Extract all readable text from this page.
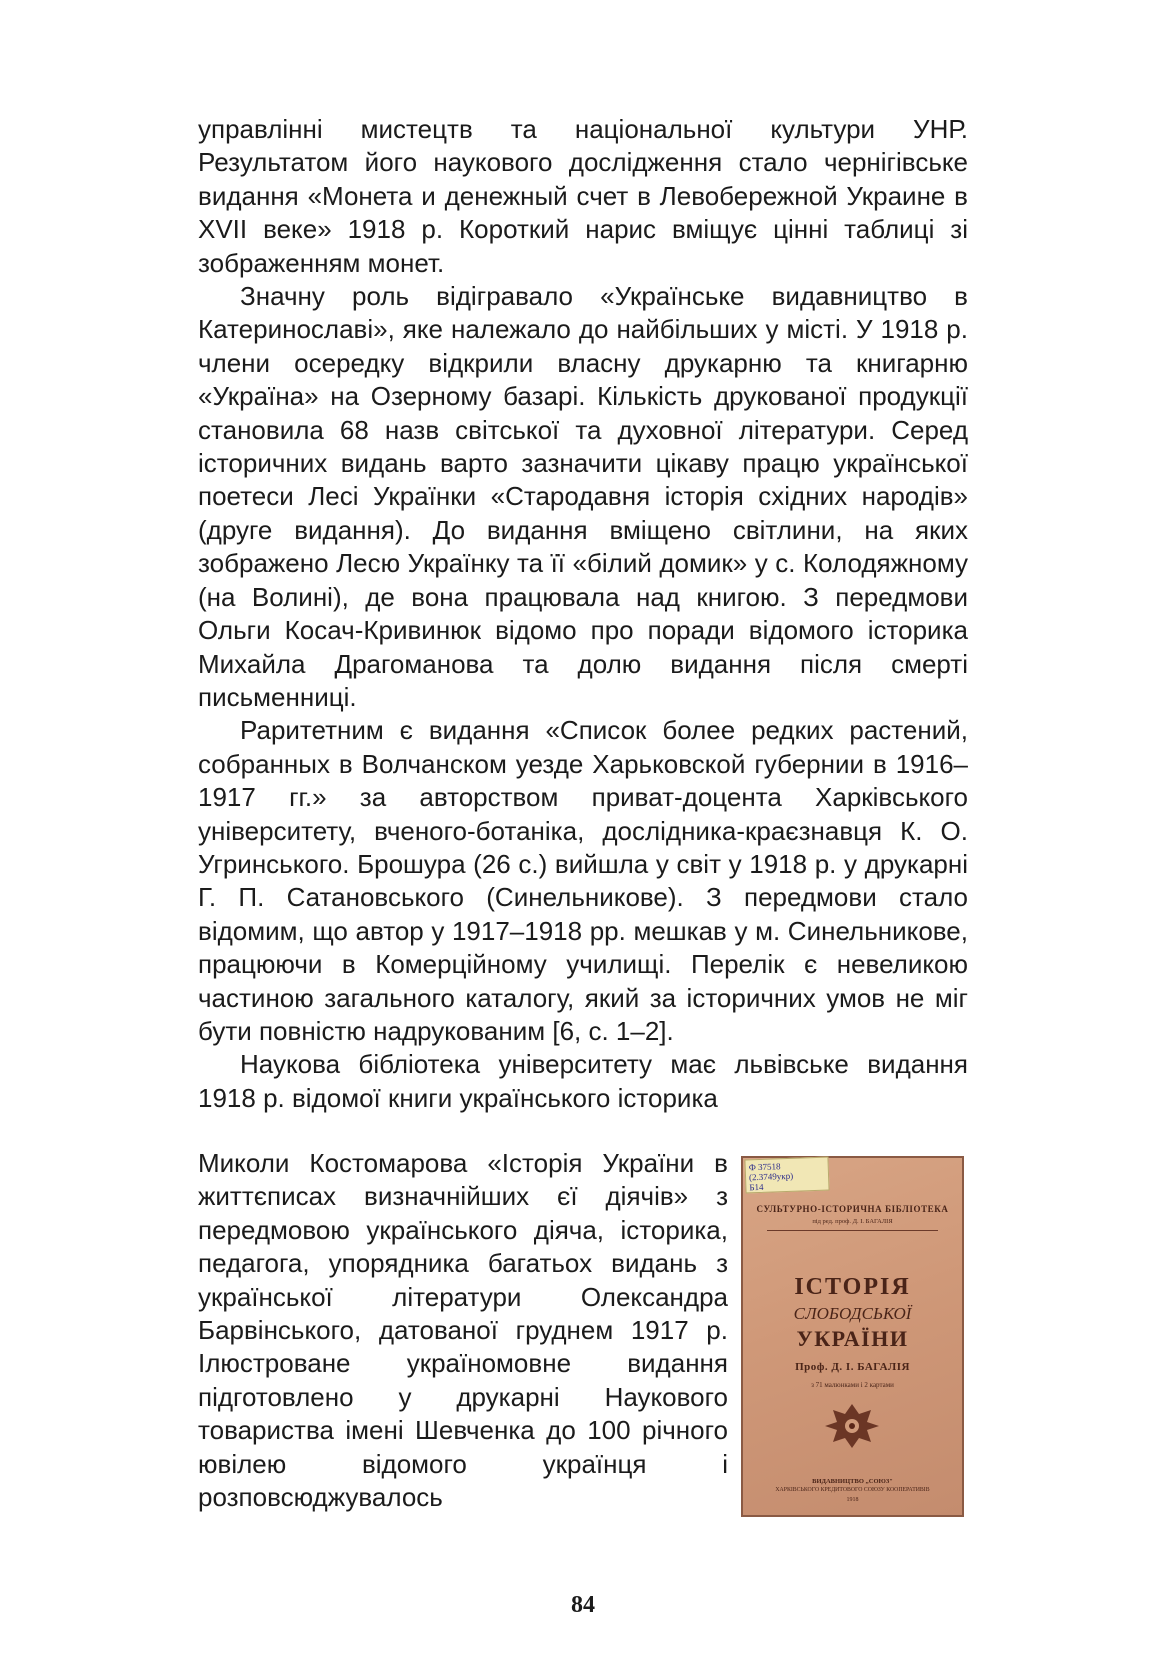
управлінні мистецтв та національної культури УНР. Результатом його наукового дослідження стало чернігівське видання «Монета и денежный счет в Левобережной Украине в XVII веке» 1918 р. Короткий нарис вміщує цінні таблиці зі зображенням монет.

Значну роль відігравало «Українське видавництво в Катеринославі», яке належало до найбільших у місті. У 1918 р. члени осередку відкрили власну друкарню та книгарню «Україна» на Озерному базарі. Кількість друкованої продукції становила 68 назв світської та духовної літератури. Серед історичних видань варто зазначити цікаву працю української поетеси Лесі Українки «Стародавня історія східних народів» (друге видання). До видання вміщено світлини, на яких зображено Лесю Українку та її «білий домик» у с. Колодяжному (на Волині), де вона працювала над книгою. З передмови Ольги Косач-Кривинюк відомо про поради відомого історика Михайла Драгоманова та долю видання після смерті письменниці.

Раритетним є видання «Список более редких растений, собранных в Волчанском уезде Харьковской губернии в 1916–1917 гг.» за авторством приват-доцента Харківського університету, вченого-ботаніка, дослідника-краєзнавця К. О. Угринського. Брошура (26 с.) вийшла у світ у 1918 р. у друкарні Г. П. Сатановського (Синельникове). З передмови стало відомим, що автор у 1917–1918 рр. мешкав у м. Синельникове, працюючи в Комерційному училищі. Перелік є невеликою частиною загального каталогу, який за історичних умов не міг бути повністю надрукованим [6, с. 1–2].

Наукова бібліотека університету має львівське видання 1918 р. відомої книги українського історика

Миколи Костомарова «Історія України в життєписах визначнійших єї діячів» з передмовою українського діяча, історика, педагога, упорядника багатьох видань з української літератури Олександра Барвінського, датованої груднем 1917 р. Ілюстроване україномовне видання підготовлено у друкарні Наукового товариства імені Шевченка до 100 річного ювілею відомого українця і розповсюджувалось

Ф 37518
(2.3749укр)
Б14
СУЛЬТУРНО-ІСТОРИЧНА БІБЛІОТЕКА
під ред. проф. Д. І. БАГАЛІЯ
ІСТОРІЯ
СЛОБОДСЬКОЇ
УКРАЇНИ
Проф. Д. І. БАГАЛІЯ
з 71 малюнками і 2 картами
ВИДАВНИЦТВО „СОЮЗ"
ХАРКІВСЬКОГО КРЕДИТОВОГО СОЮЗУ КООПЕРАТИВІВ
1918
84
